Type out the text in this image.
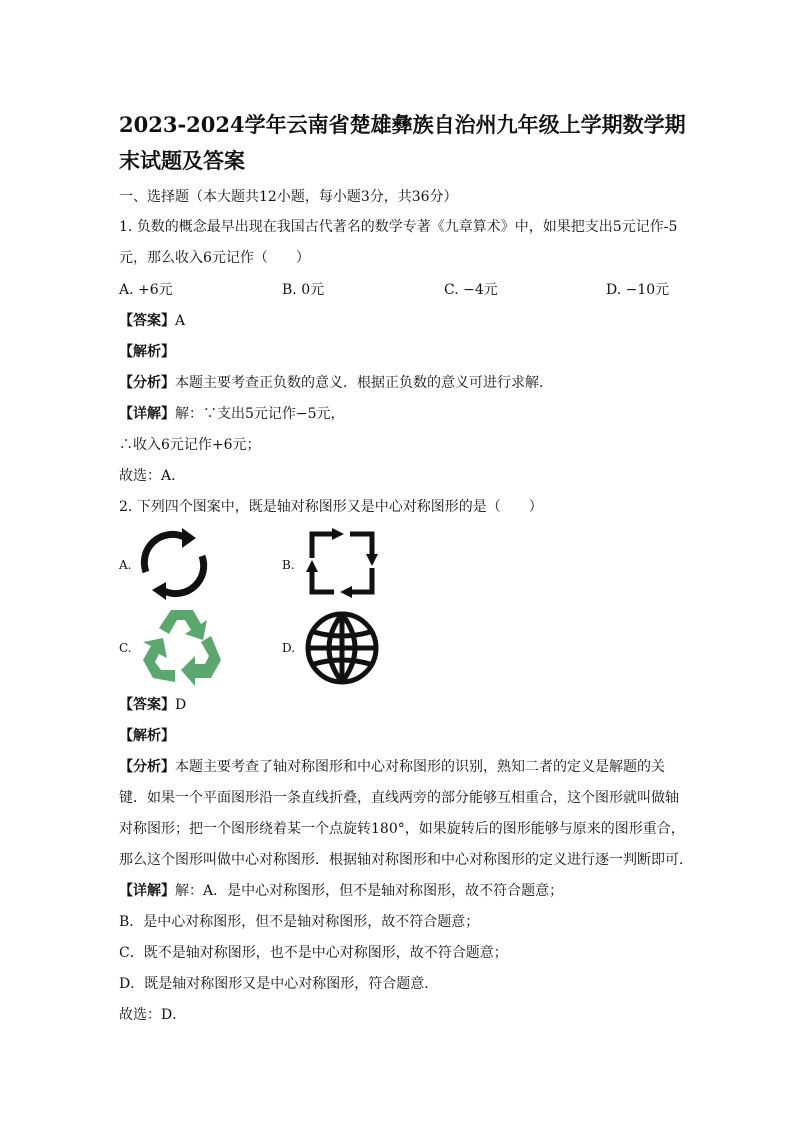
2023-2024学年云南省楚雄彝族自治州九年级上学期数学期
末试题及答案
一、选择题（本大题共12小题，每小题3分，共36分）
1. 负数的概念最早出现在我国古代著名的数学专著《九章算术》中，如果把支出5元记作-5
元，那么收入6元记作（　　）
A. +6元	B. 0元	C. −4元	D. −10元
【答案】A
【解析】
【分析】本题主要考查正负数的意义．根据正负数的意义可进行求解．
【详解】解：∵支出5元记作−5元，
∴收入6元记作+6元；
故选：A．
2. 下列四个图案中，既是轴对称图形又是中心对称图形的是（　　）
A.	B.
C.	D.
【答案】D
【解析】
【分析】本题主要考查了轴对称图形和中心对称图形的识别，熟知二者的定义是解题的关
键．如果一个平面图形沿一条直线折叠，直线两旁的部分能够互相重合，这个图形就叫做轴
对称图形；把一个图形绕着某一个点旋转180°，如果旋转后的图形能够与原来的图形重合，
那么这个图形叫做中心对称图形．根据轴对称图形和中心对称图形的定义进行逐一判断即可．
【详解】解：A．是中心对称图形，但不是轴对称图形，故不符合题意；
B．是中心对称图形，但不是轴对称图形，故不符合题意；
C．既不是轴对称图形，也不是中心对称图形，故不符合题意；
D．既是轴对称图形又是中心对称图形，符合题意．
故选：D．
